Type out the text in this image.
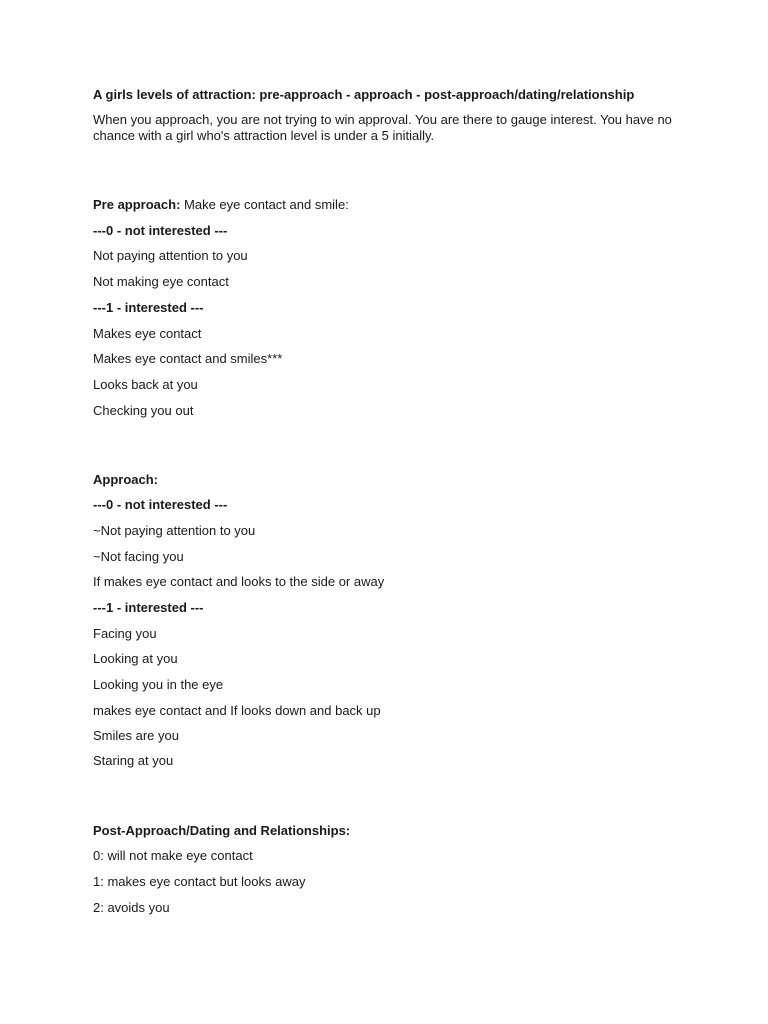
A girls levels of attraction: pre-approach - approach - post-approach/dating/relationship
When you approach, you are not trying to win approval. You are there to gauge interest. You have no chance with a girl who's attraction level is under a 5 initially.
Pre approach: Make eye contact and smile:
---0 - not interested ---
Not paying attention to you
Not making eye contact
---1 - interested ---
Makes eye contact
Makes eye contact and smiles***
Looks back at you
Checking you out
Approach:
---0 - not interested ---
~Not paying attention to you
~Not facing you
If makes eye contact and looks to the side or away
---1 - interested ---
Facing you
Looking at you
Looking you in the eye
makes eye contact and If looks down and back up
Smiles are you
Staring at you
Post-Approach/Dating and Relationships:
0: will not make eye contact
1: makes eye contact but looks away
2: avoids you
